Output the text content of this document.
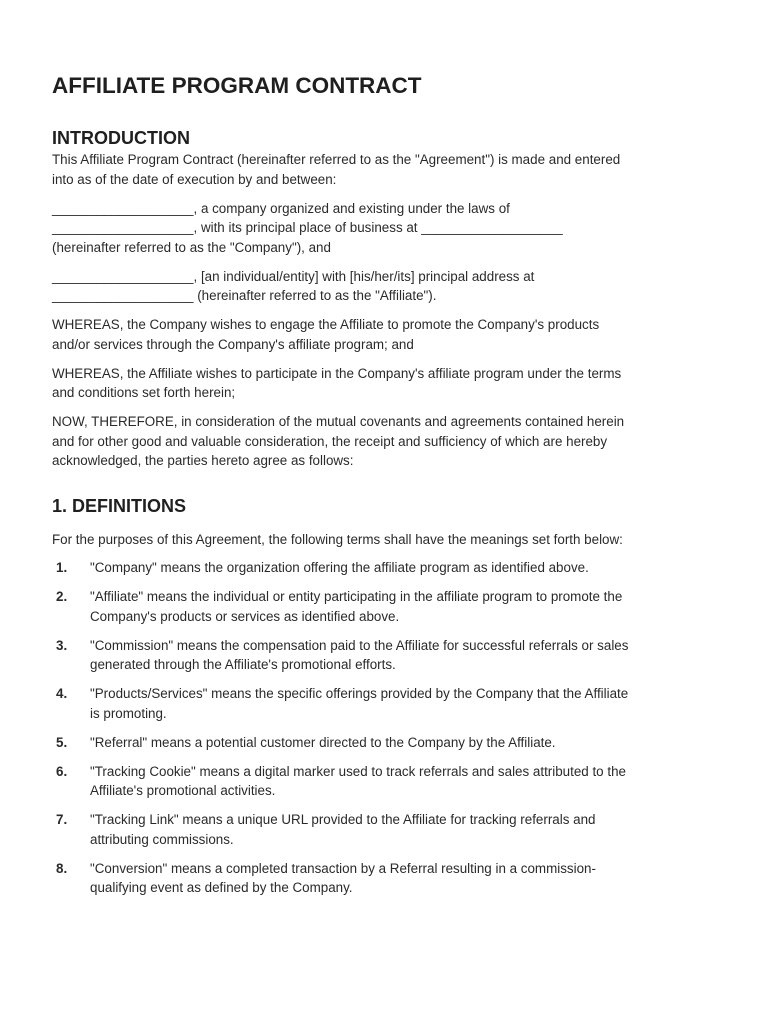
AFFILIATE PROGRAM CONTRACT
INTRODUCTION

This Affiliate Program Contract (hereinafter referred to as the "Agreement") is made and entered
into as of the date of execution by and between:

___________________, a company organized and existing under the laws of
___________________, with its principal place of business at ___________________
(hereinafter referred to as the "Company"), and

___________________, [an individual/entity] with [his/her/its] principal address at
___________________ (hereinafter referred to as the "Affiliate").

WHEREAS, the Company wishes to engage the Affiliate to promote the Company's products
and/or services through the Company's affiliate program; and

WHEREAS, the Affiliate wishes to participate in the Company's affiliate program under the terms
and conditions set forth herein;

NOW, THEREFORE, in consideration of the mutual covenants and agreements contained herein
and for other good and valuable consideration, the receipt and sufficiency of which are hereby
acknowledged, the parties hereto agree as follows:

1. DEFINITIONS

For the purposes of this Agreement, the following terms shall have the meanings set forth below:

1.	"Company" means the organization offering the affiliate program as identified above.
2.	"Affiliate" means the individual or entity participating in the affiliate program to promote the
Company's products or services as identified above.
3.	"Commission" means the compensation paid to the Affiliate for successful referrals or sales
generated through the Affiliate's promotional efforts.
4.	"Products/Services" means the specific offerings provided by the Company that the Affiliate
is promoting.
5.	"Referral" means a potential customer directed to the Company by the Affiliate.
6.	"Tracking Cookie" means a digital marker used to track referrals and sales attributed to the
Affiliate's promotional activities.
7.	"Tracking Link" means a unique URL provided to the Affiliate for tracking referrals and
attributing commissions.
8.	"Conversion" means a completed transaction by a Referral resulting in a commission-
qualifying event as defined by the Company.
